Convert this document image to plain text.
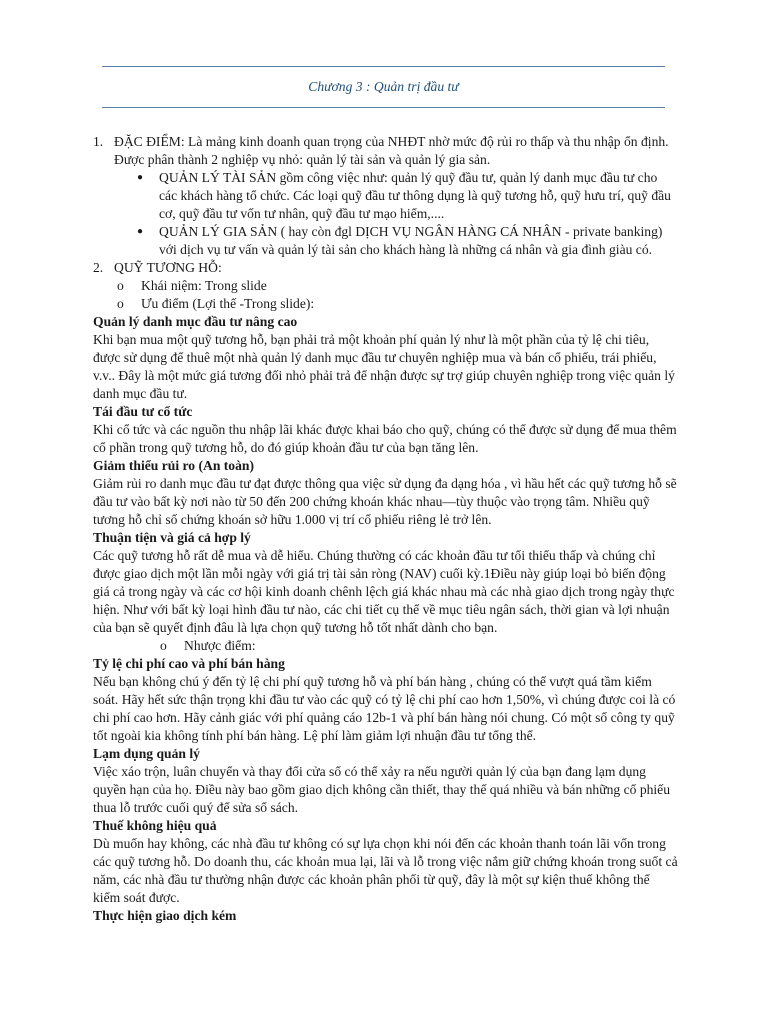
Chương 3 : Quản trị đầu tư
1. ĐẶC ĐIỂM: Là mảng kinh doanh quan trọng của NHĐT nhờ mức độ rủi ro thấp và thu nhập ổn định. Được phân thành 2 nghiệp vụ nhỏ: quản lý tài sản và quản lý gia sản.
●	QUẢN LÝ TÀI SẢN gồm công việc như: quản lý quỹ đầu tư, quản lý danh mục đầu tư cho các khách hàng tổ chức. Các loại quỹ đầu tư thông dụng là quỹ tương hỗ, quỹ hưu trí, quỹ đầu cơ, quỹ đầu tư vốn tư nhân, quỹ đầu tư mạo hiểm,....
●	QUẢN LÝ GIA SẢN ( hay còn đgl DỊCH VỤ NGÂN HÀNG CÁ NHÂN - private banking) với dịch vụ tư vấn và quản lý tài sản cho khách hàng là những cá nhân và gia đình giàu có.
2. QUỸ TƯƠNG HỖ:
o	Khái niệm: Trong slide
o	Ưu điểm (Lợi thế -Trong slide):
Quản lý danh mục đầu tư nâng cao
Khi bạn mua một quỹ tương hỗ, bạn phải trả một khoản phí quản lý như là một phần của tỷ lệ chi tiêu, được sử dụng để thuê một nhà quản lý danh mục đầu tư chuyên nghiệp mua và bán cổ phiếu, trái phiếu, v.v.. Đây là một mức giá tương đối nhỏ phải trả để nhận được sự trợ giúp chuyên nghiệp trong việc quản lý danh mục đầu tư.
Tái đầu tư cổ tức
Khi cổ tức và các nguồn thu nhập lãi khác được khai báo cho quỹ, chúng có thể được sử dụng để mua thêm cổ phần trong quỹ tương hỗ, do đó giúp khoản đầu tư của bạn tăng lên.
Giảm thiểu rủi ro (An toàn)
Giảm rủi ro danh mục đầu tư đạt được thông qua việc sử dụng đa dạng hóa , vì hầu hết các quỹ tương hỗ sẽ đầu tư vào bất kỳ nơi nào từ 50 đến 200 chứng khoán khác nhau—tùy thuộc vào trọng tâm. Nhiều quỹ tương hỗ chỉ số chứng khoán sở hữu 1.000 vị trí cổ phiếu riêng lẻ trở lên.
Thuận tiện và giá cả hợp lý
Các quỹ tương hỗ rất dễ mua và dễ hiểu. Chúng thường có các khoản đầu tư tối thiểu thấp và chúng chỉ được giao dịch một lần mỗi ngày với giá trị tài sản ròng (NAV) cuối kỳ.1Điều này giúp loại bỏ biến động giá cả trong ngày và các cơ hội kinh doanh chênh lệch giá khác nhau mà các nhà giao dịch trong ngày thực hiện. Như với bất kỳ loại hình đầu tư nào, các chi tiết cụ thể về mục tiêu ngân sách, thời gian và lợi nhuận của bạn sẽ quyết định đâu là lựa chọn quỹ tương hỗ tốt nhất dành cho bạn.
o	Nhược điểm:
Tỷ lệ chi phí cao và phí bán hàng
Nếu bạn không chú ý đến tỷ lệ chi phí quỹ tương hỗ và phí bán hàng , chúng có thể vượt quá tầm kiểm soát. Hãy hết sức thận trọng khi đầu tư vào các quỹ có tỷ lệ chi phí cao hơn 1,50%, vì chúng được coi là có chi phí cao hơn. Hãy cảnh giác với phí quảng cáo 12b-1 và phí bán hàng nói chung. Có một số công ty quỹ tốt ngoài kia không tính phí bán hàng. Lệ phí làm giảm lợi nhuận đầu tư tổng thể.
Lạm dụng quản lý
Việc xáo trộn, luân chuyển và thay đổi cửa sổ có thể xảy ra nếu người quản lý của bạn đang lạm dụng quyền hạn của họ. Điều này bao gồm giao dịch không cần thiết, thay thế quá nhiều và bán những cổ phiếu thua lỗ trước cuối quý để sửa sổ sách.
Thuế không hiệu quả
Dù muốn hay không, các nhà đầu tư không có sự lựa chọn khi nói đến các khoản thanh toán lãi vốn trong các quỹ tương hỗ. Do doanh thu, các khoản mua lại, lãi và lỗ trong việc nắm giữ chứng khoán trong suốt cả năm, các nhà đầu tư thường nhận được các khoản phân phối từ quỹ, đây là một sự kiện thuế không thể kiểm soát được.
Thực hiện giao dịch kém
